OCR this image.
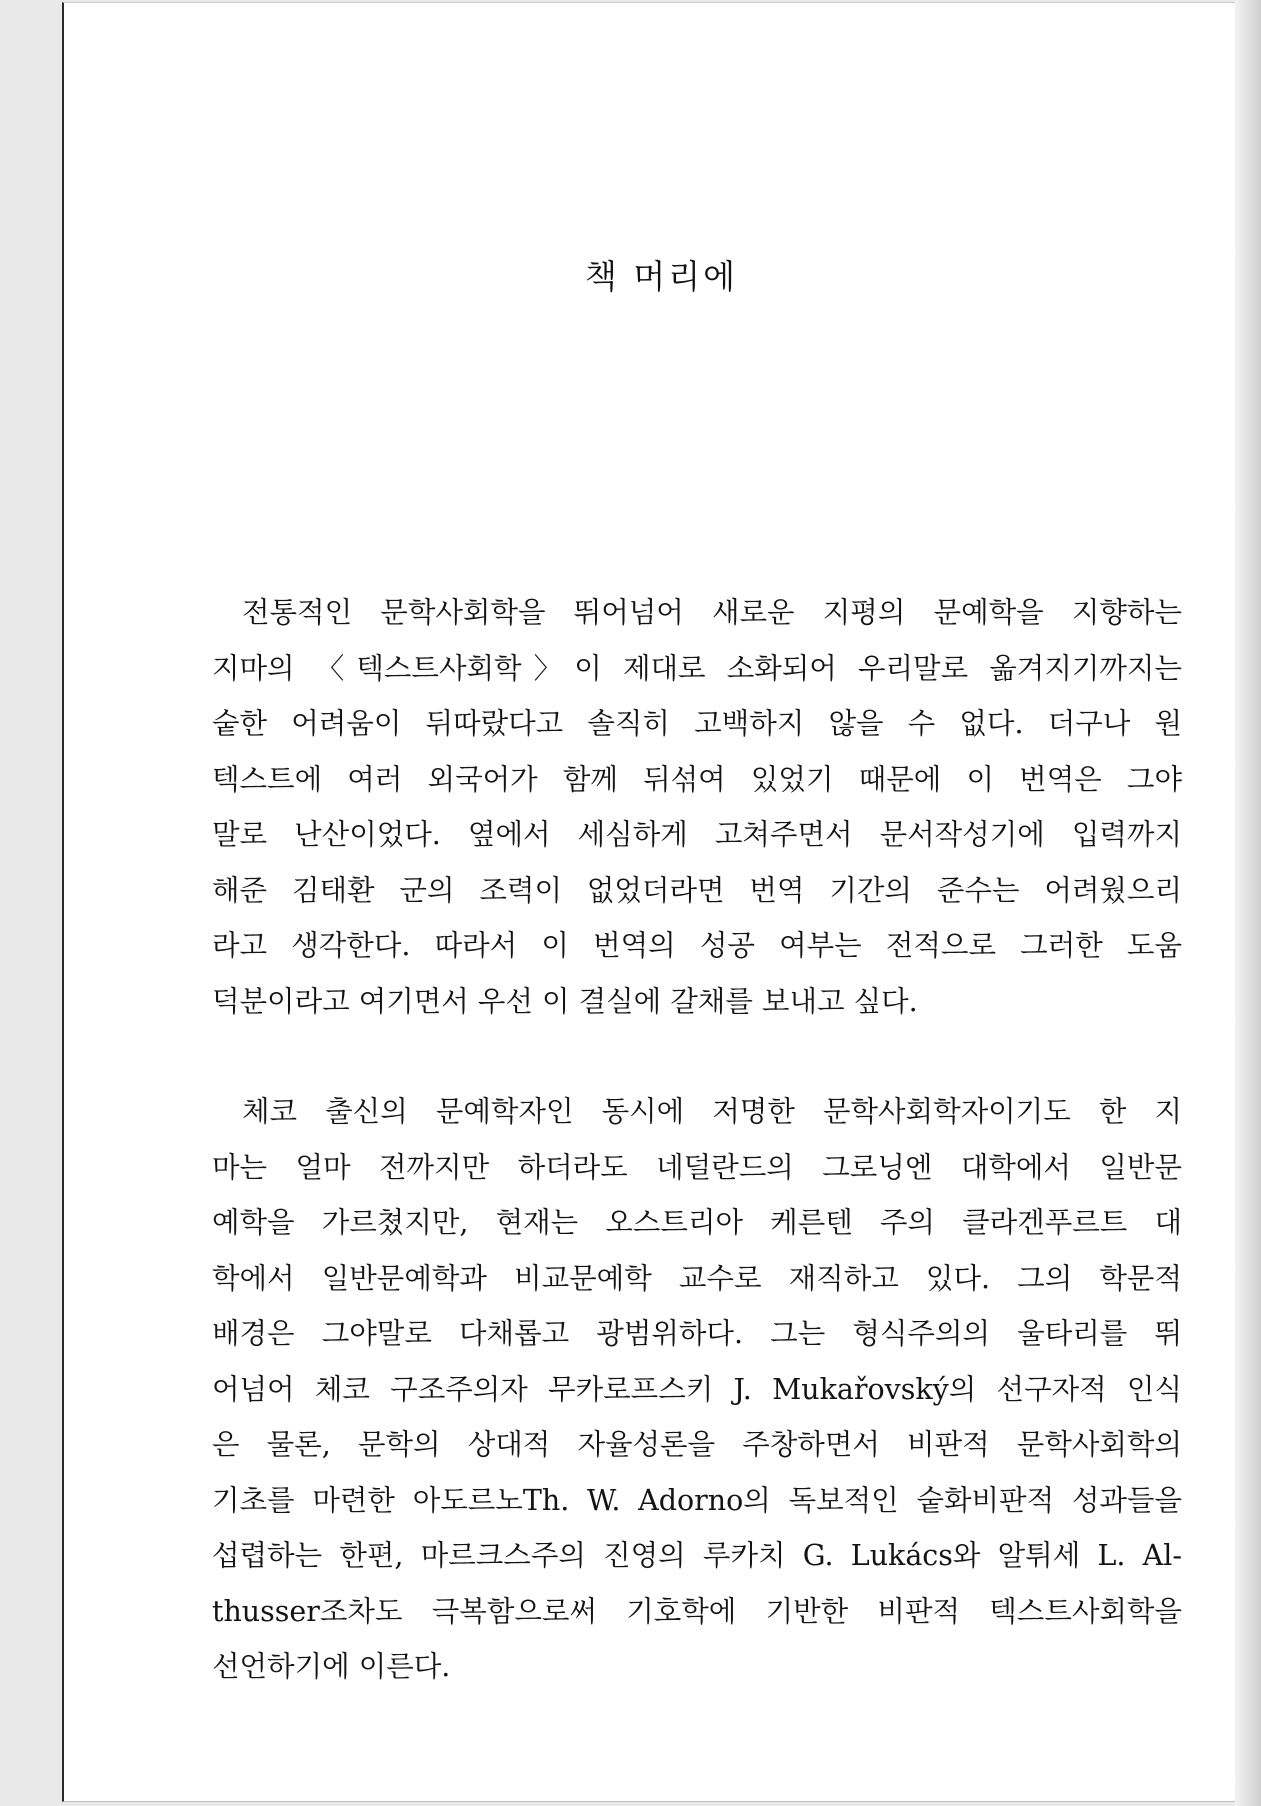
책 머리에
전통적인 문학사회학을 뛰어넘어 새로운 지평의 문예학을 지향하는
지마의 〈텍스트사회학〉이 제대로 소화되어 우리말로 옮겨지기까지는
숱한 어려움이 뒤따랐다고 솔직히 고백하지 않을 수 없다. 더구나 원
텍스트에 여러 외국어가 함께 뒤섞여 있었기 때문에 이 번역은 그야
말로 난산이었다. 옆에서 세심하게 고쳐주면서 문서작성기에 입력까지
해준 김태환 군의 조력이 없었더라면 번역 기간의 준수는 어려웠으리
라고 생각한다. 따라서 이 번역의 성공 여부는 전적으로 그러한 도움
덕분이라고 여기면서 우선 이 결실에 갈채를 보내고 싶다.
체코 출신의 문예학자인 동시에 저명한 문학사회학자이기도 한 지
마는 얼마 전까지만 하더라도 네덜란드의 그로닝엔 대학에서 일반문
예학을 가르쳤지만, 현재는 오스트리아 케른텐 주의 클라겐푸르트 대
학에서 일반문예학과 비교문예학 교수로 재직하고 있다. 그의 학문적
배경은 그야말로 다채롭고 광범위하다. 그는 형식주의의 울타리를 뛰
어넘어 체코 구조주의자 무카로프스키 J. Mukařovský의 선구자적 인식
은 물론, 문학의 상대적 자율성론을 주창하면서 비판적 문학사회학의
기초를 마련한 아도르노Th. W. Adorno의 독보적인 숱화비판적 성과들을
섭렵하는 한편, 마르크스주의 진영의 루카치 G. Lukács와 알튀세 L. Al-
thusser조차도 극복함으로써 기호학에 기반한 비판적 텍스트사회학을
선언하기에 이른다.
